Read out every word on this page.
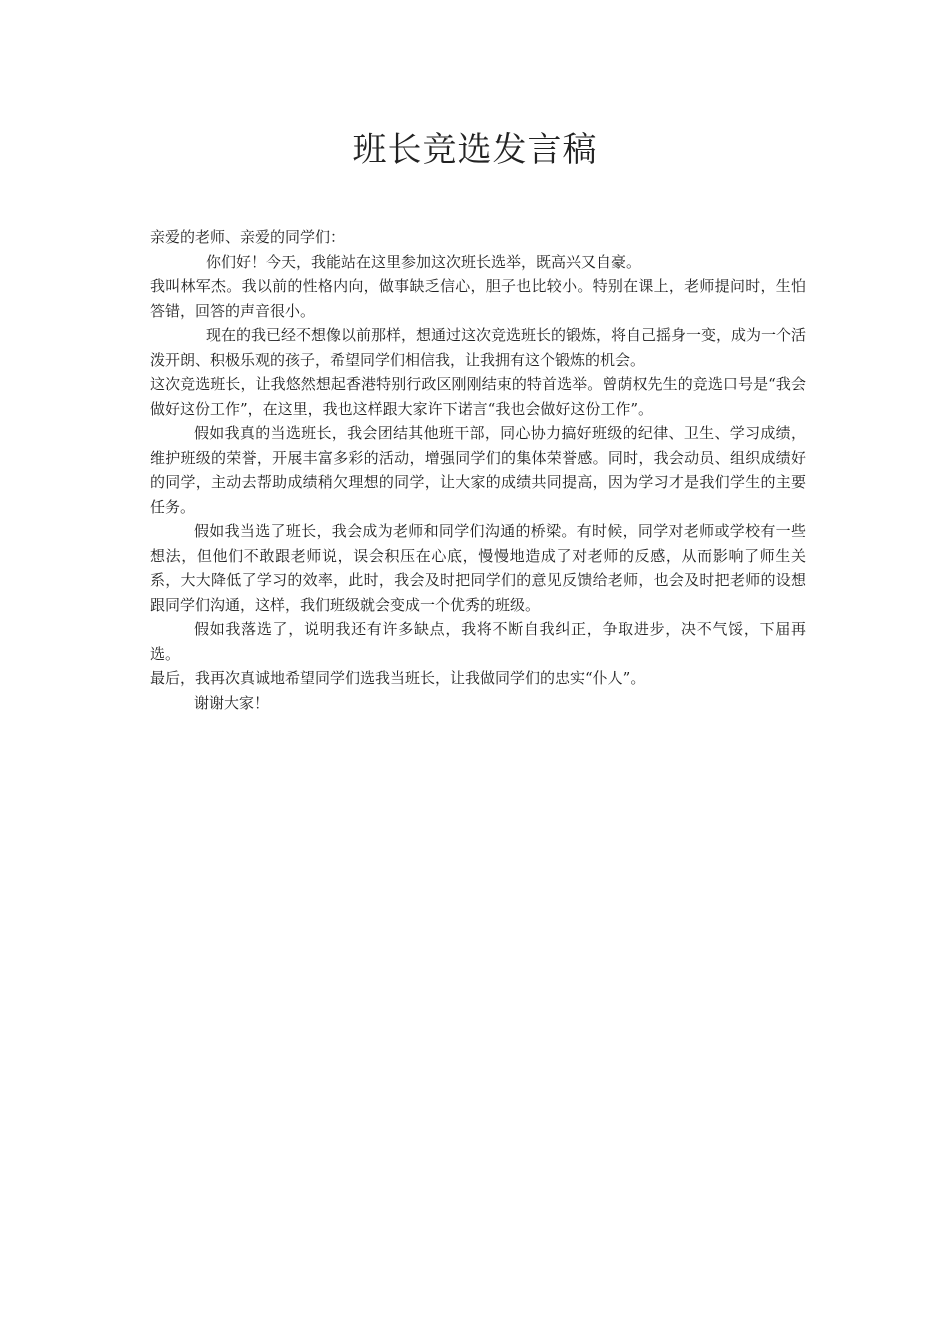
班长竞选发言稿

亲爱的老师、亲爱的同学们：

你们好！今天，我能站在这里参加这次班长选举，既高兴又自豪。

我叫林军杰。我以前的性格内向，做事缺乏信心，胆子也比较小。特别在课上，老师提问时，生怕答错，回答的声音很小。

现在的我已经不想像以前那样，想通过这次竞选班长的锻炼，将自己摇身一变，成为一个活泼开朗、积极乐观的孩子，希望同学们相信我，让我拥有这个锻炼的机会。

这次竞选班长，让我悠然想起香港特别行政区刚刚结束的特首选举。曾荫权先生的竞选口号是“我会做好这份工作”，在这里，我也这样跟大家许下诺言“我也会做好这份工作”。

假如我真的当选班长，我会团结其他班干部，同心协力搞好班级的纪律、卫生、学习成绩，维护班级的荣誉，开展丰富多彩的活动，增强同学们的集体荣誉感。同时，我会动员、组织成绩好的同学，主动去帮助成绩稍欠理想的同学，让大家的成绩共同提高，因为学习才是我们学生的主要任务。

假如我当选了班长，我会成为老师和同学们沟通的桥梁。有时候，同学对老师或学校有一些想法，但他们不敢跟老师说，误会积压在心底，慢慢地造成了对老师的反感，从而影响了师生关系，大大降低了学习的效率，此时，我会及时把同学们的意见反馈给老师，也会及时把老师的设想跟同学们沟通，这样，我们班级就会变成一个优秀的班级。

假如我落选了，说明我还有许多缺点，我将不断自我纠正，争取进步，决不气馁，下届再选。

最后，我再次真诚地希望同学们选我当班长，让我做同学们的忠实“仆人”。

谢谢大家！
